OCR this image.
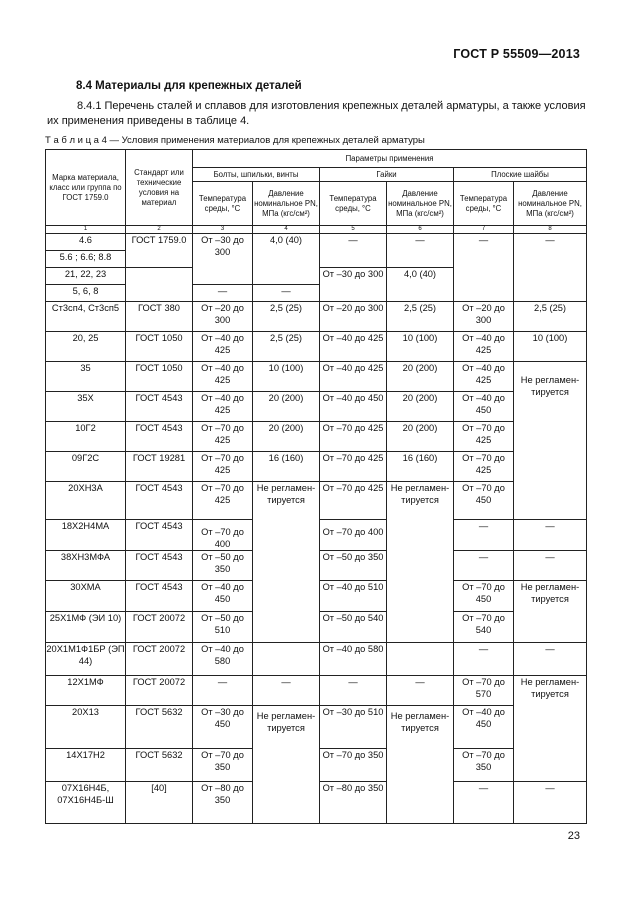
ГОСТ Р 55509—2013
8.4 Материалы для крепежных деталей
8.4.1 Перечень сталей и сплавов для изготовления крепежных деталей арматуры, а также условия их применения приведены в таблице 4.
Т а б л и ц а 4 — Условия применения материалов для крепежных деталей арматуры
Марка материала, класс или группа по ГОСТ 1759.0	Стандарт или технические условия на материал	Параметры применения						
		Болты, шпильки, винты		Гайки		Плоские шайбы		
		Температура среды, °С	Давление номинальное PN, МПа (кгс/см²)	Температура среды, °С	Давление номинальное PN, МПа (кгс/см²)	Температура среды, °С	Давление номинальное PN, МПа (кгс/см²)	
1	2	3	4	5	6	7	8	
4.6	ГОСТ 1759.0	От –30 до 300	4,0 (40)	—	—	—	—	
5.6 ; 6.6; 8.8								
21, 22, 23				От –30 до 300	4,0 (40)			
5, 6, 8		—	—					
Ст3сп4, Ст3сп5	ГОСТ 380	От –20 до 300	2,5 (25)	От –20 до 300	2,5 (25)	От –20 до 300	2,5 (25)	
20, 25	ГОСТ 1050	От –40 до 425	2,5 (25)	От –40 до 425	10 (100)	От –40 до 425	10 (100)	
35	ГОСТ 1050	От –40 до 425	10 (100)	От –40 до 425	20 (200)	От –40 до 425	Не регламен- тируется	
35Х	ГОСТ 4543	От –40 до 425	20 (200)	От –40 до 450	20 (200)	От –40 до 450		
10Г2	ГОСТ 4543	От –70 до 425	20 (200)	От –70 до 425	20 (200)	От –70 до 425		
09Г2С	ГОСТ 19281	От –70 до 425	16 (160)	От –70 до 425	16 (160)	От –70 до 425		
20ХН3А	ГОСТ 4543	От –70 до 425	Не регламен- тируется	От –70 до 425	Не регламен- тируется	От –70 до 450		
18Х2Н4МА	ГОСТ 4543	От –70 до 400		От –70 до 400		—	—	
38ХН3МФА	ГОСТ 4543	От –50 до 350		От –50 до 350		—	—	
30ХМА	ГОСТ 4543	От –40 до 450		От –40 до 510		От –70 до 450	Не регламен- тируется	
25Х1МФ (ЭИ 10)	ГОСТ 20072	От –50 до 510		От –50 до 540		От –70 до 540		
20Х1М1Ф1БР (ЭП 44)	ГОСТ 20072	От –40 до 580		От –40 до 580		—	—	
12Х1МФ	ГОСТ 20072	—	—	—	—	От –70 до 570	Не регламен- тируется	
20Х13	ГОСТ 5632	От –30 до 450	Не регламен- тируется	От –30 до 510	Не регламен- тируется	От –40 до 450		
14Х17Н2	ГОСТ 5632	От –70 до 350		От –70 до 350		От –70 до 350		
07Х16Н4Б, 07Х16Н4Б-Ш	[40]	От –80 до 350		От –80 до 350		—	—	
23
